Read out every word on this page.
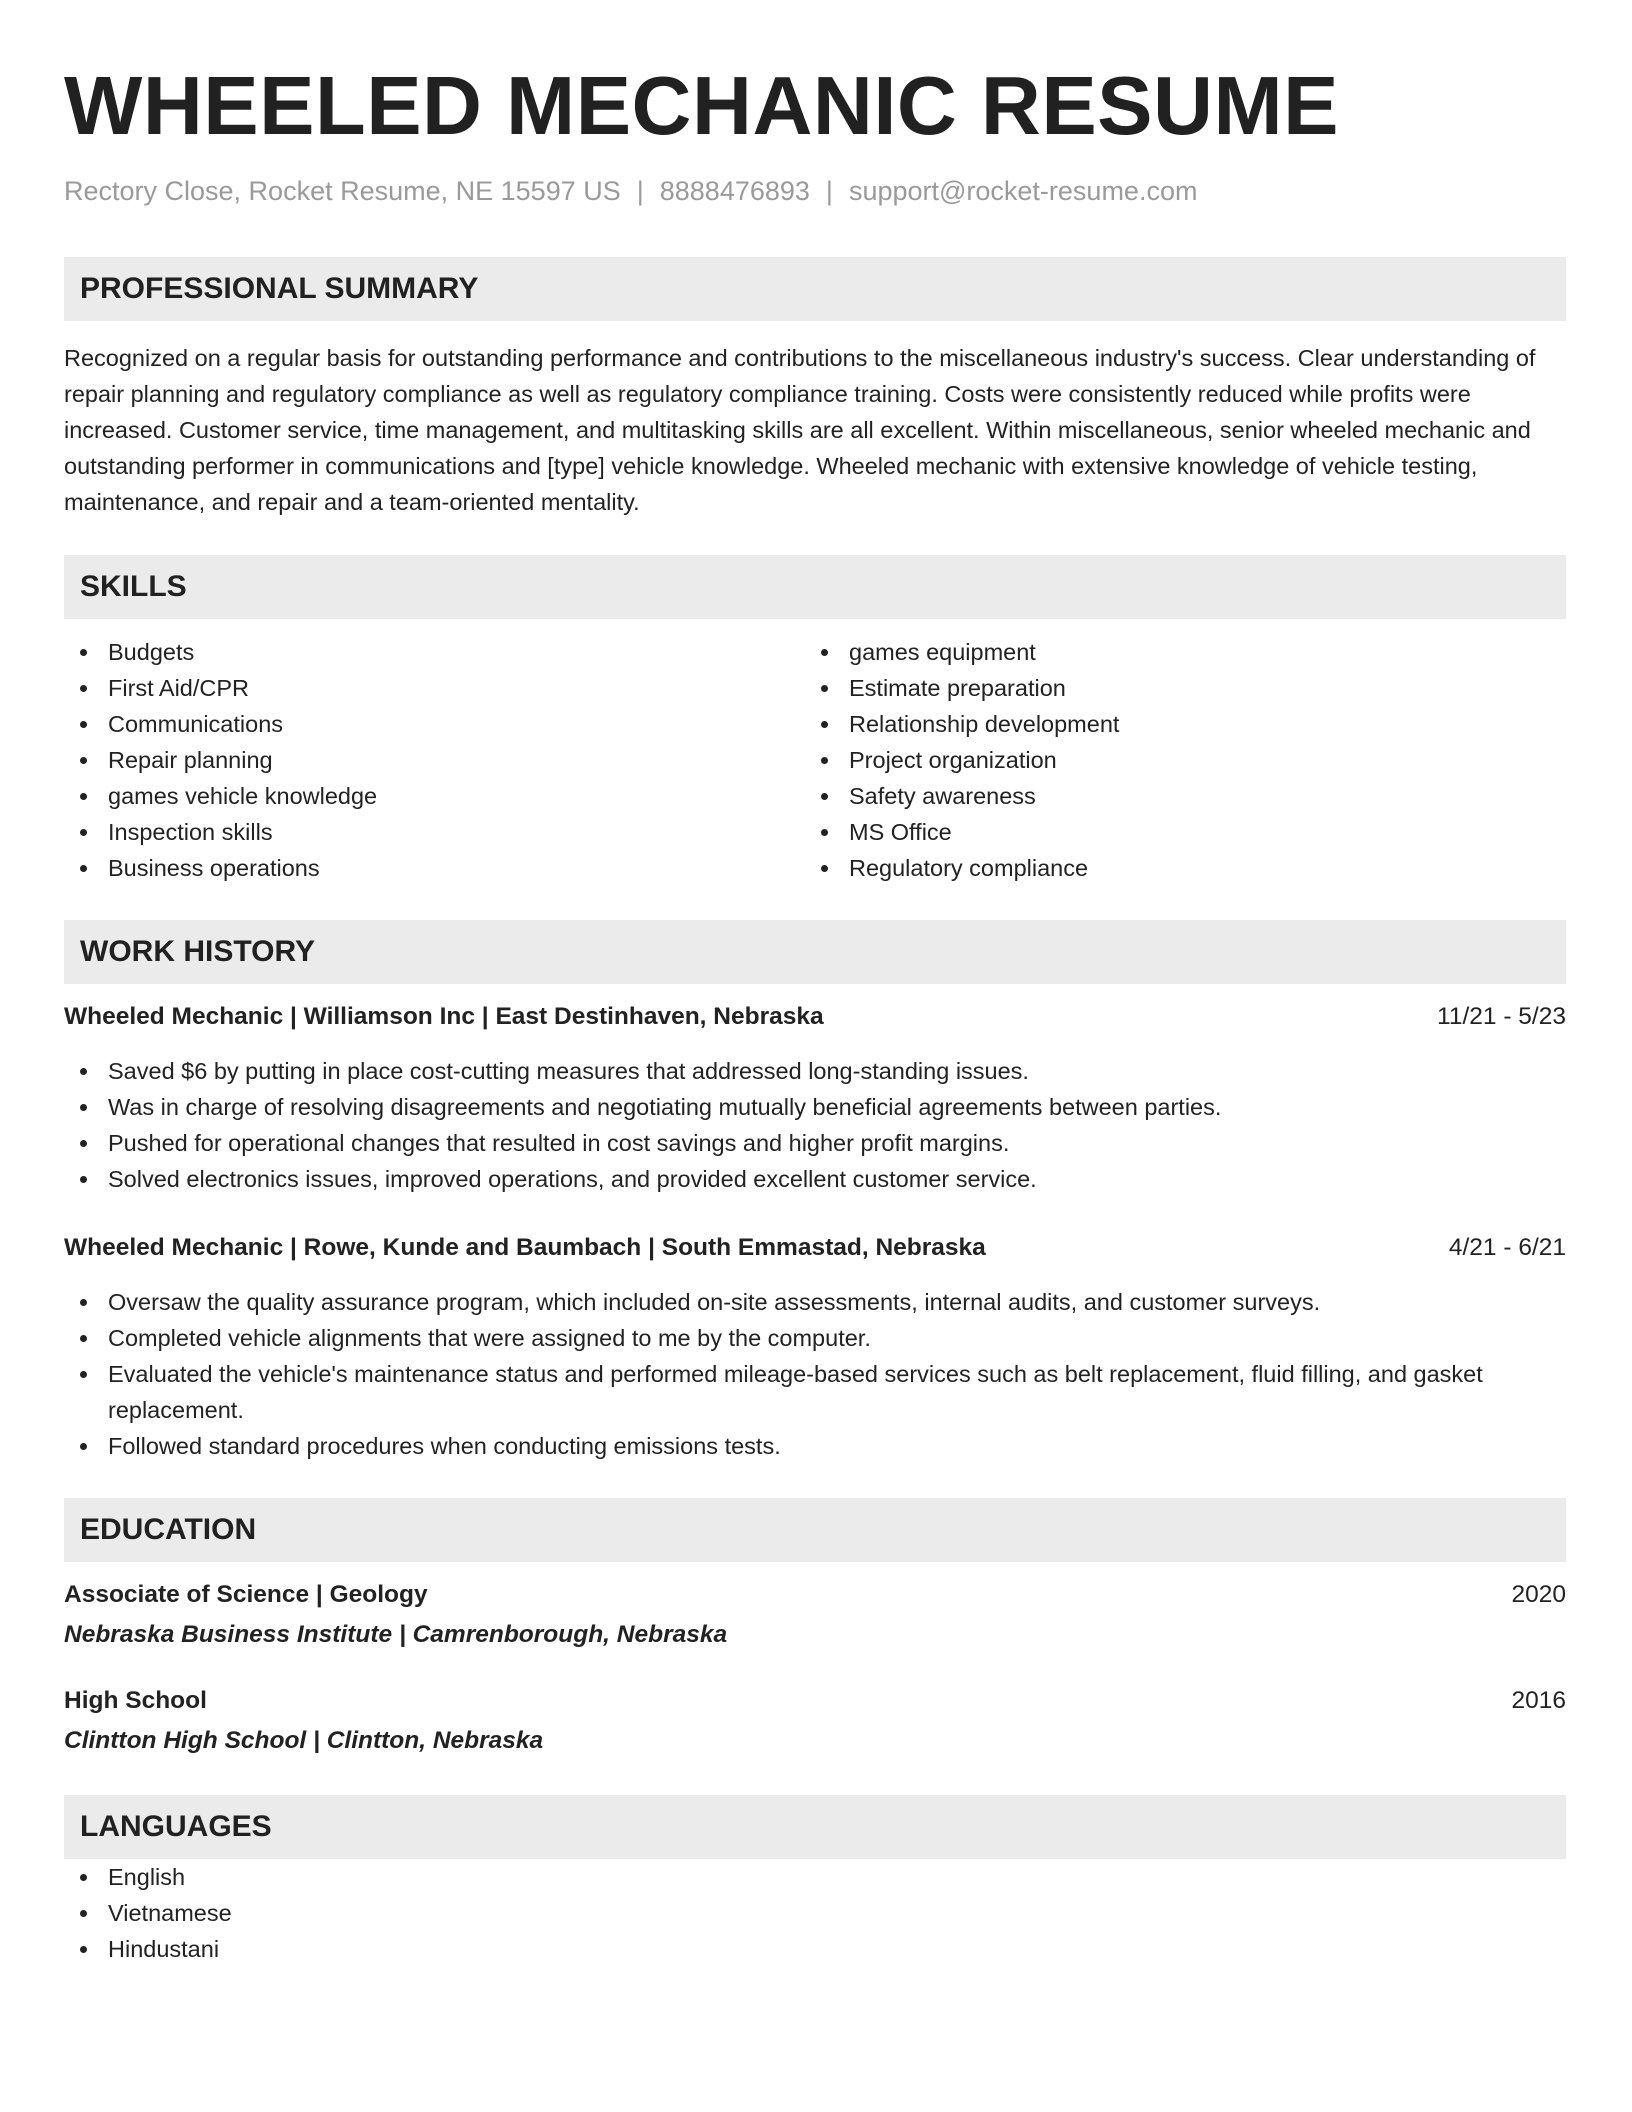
WHEELED MECHANIC RESUME
Rectory Close, Rocket Resume, NE 15597 US | 8888476893 | support@rocket-resume.com
PROFESSIONAL SUMMARY
Recognized on a regular basis for outstanding performance and contributions to the miscellaneous industry's success. Clear understanding of repair planning and regulatory compliance as well as regulatory compliance training. Costs were consistently reduced while profits were increased. Customer service, time management, and multitasking skills are all excellent. Within miscellaneous, senior wheeled mechanic and outstanding performer in communications and [type] vehicle knowledge. Wheeled mechanic with extensive knowledge of vehicle testing, maintenance, and repair and a team-oriented mentality.
SKILLS
Budgets
First Aid/CPR
Communications
Repair planning
games vehicle knowledge
Inspection skills
Business operations
games equipment
Estimate preparation
Relationship development
Project organization
Safety awareness
MS Office
Regulatory compliance
WORK HISTORY
Wheeled Mechanic | Williamson Inc | East Destinhaven, Nebraska	11/21 - 5/23
Saved $6 by putting in place cost-cutting measures that addressed long-standing issues.
Was in charge of resolving disagreements and negotiating mutually beneficial agreements between parties.
Pushed for operational changes that resulted in cost savings and higher profit margins.
Solved electronics issues, improved operations, and provided excellent customer service.
Wheeled Mechanic | Rowe, Kunde and Baumbach | South Emmastad, Nebraska	4/21 - 6/21
Oversaw the quality assurance program, which included on-site assessments, internal audits, and customer surveys.
Completed vehicle alignments that were assigned to me by the computer.
Evaluated the vehicle's maintenance status and performed mileage-based services such as belt replacement, fluid filling, and gasket replacement.
Followed standard procedures when conducting emissions tests.
EDUCATION
Associate of Science | Geology	2020
Nebraska Business Institute | Camrenborough, Nebraska
High School	2016
Clintton High School | Clintton, Nebraska
LANGUAGES
English
Vietnamese
Hindustani
